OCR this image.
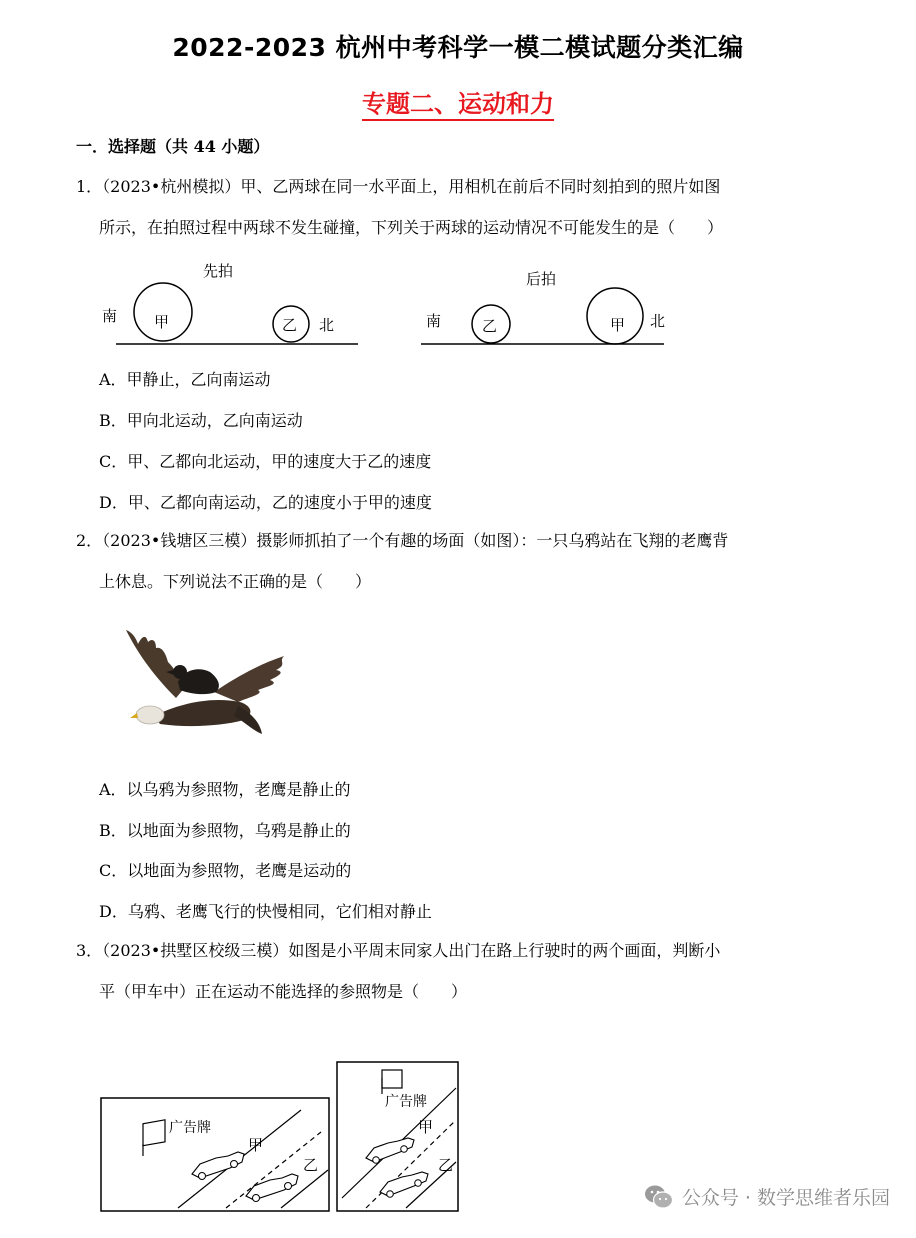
2022-2023 杭州中考科学一模二模试题分类汇编
专题二、运动和力
一．选择题（共 44 小题）
1．（2023•杭州模拟）甲、乙两球在同一水平面上，用相机在前后不同时刻拍到的照片如图
所示，在拍照过程中两球不发生碰撞，下列关于两球的运动情况不可能发生的是（　　）
先拍
南 甲	乙 北
后拍
南	乙	甲 北
A．甲静止，乙向南运动
B．甲向北运动，乙向南运动
C．甲、乙都向北运动，甲的速度大于乙的速度
D．甲、乙都向南运动，乙的速度小于甲的速度
2．（2023•钱塘区三模）摄影师抓拍了一个有趣的场面（如图）：一只乌鸦站在飞翔的老鹰背
上休息。下列说法不正确的是（　　）
A．以乌鸦为参照物，老鹰是静止的
B．以地面为参照物，乌鸦是静止的
C．以地面为参照物，老鹰是运动的
D．乌鸦、老鹰飞行的快慢相同，它们相对静止
3．（2023•拱墅区校级三模）如图是小平周末同家人出门在路上行驶时的两个画面，判断小
平（甲车中）正在运动不能选择的参照物是（　　）
广告牌
甲
乙
广告牌
甲
乙
公众号 · 数学思维者乐园
